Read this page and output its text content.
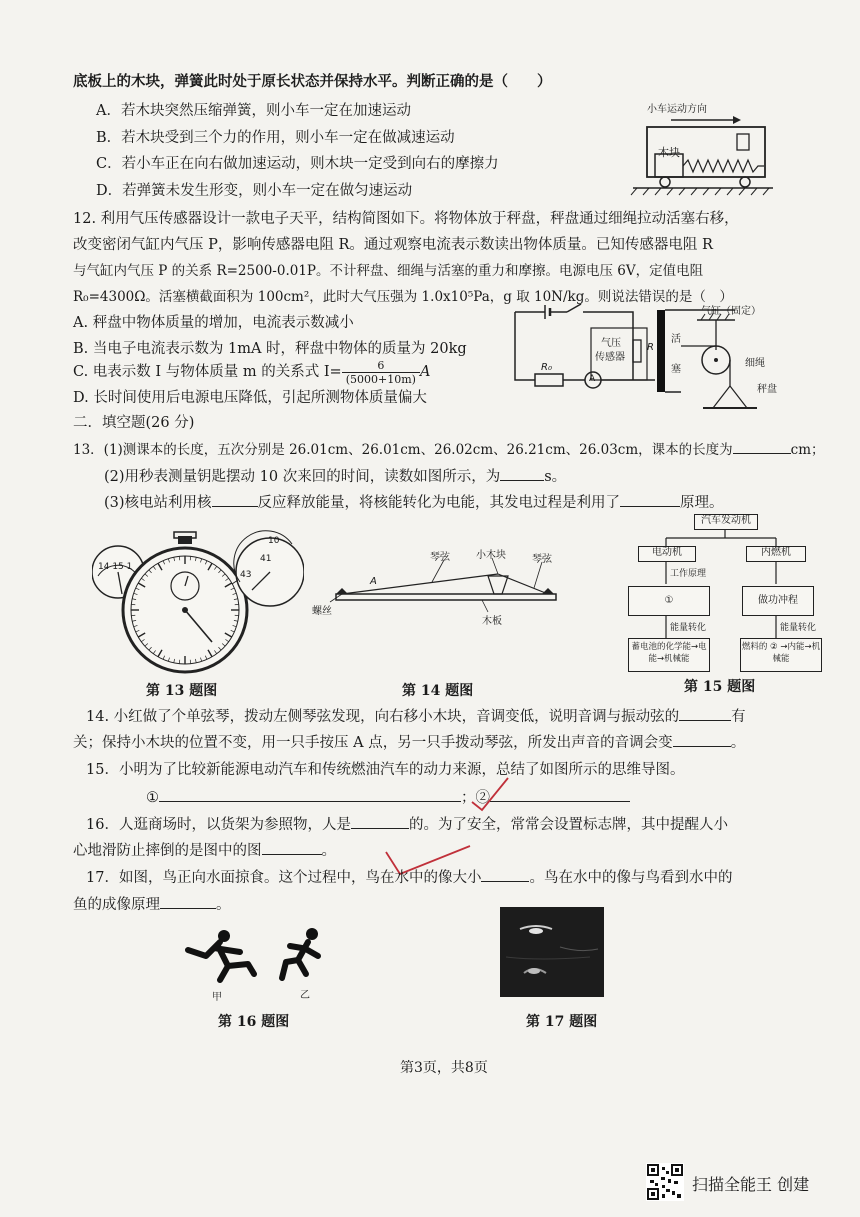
底板上的木块，弹簧此时处于原长状态并保持水平。判断正确的是（　　）
A．若木块突然压缩弹簧，则小车一定在加速运动
B．若木块受到三个力的作用，则小车一定在做减速运动
C．若小车正在向右做加速运动，则木块一定受到向右的摩擦力
D．若弹簧未发生形变，则小车一定在做匀速运动
小车运动方向
木块
12. 利用气压传感器设计一款电子天平，结构简图如下。将物体放于秤盘，秤盘通过细绳拉动活塞右移，
改变密闭气缸内气压 P，影响传感器电阻 R。通过观察电流表示数读出物体质量。已知传感器电阻 R
与气缸内气压 P 的关系 R=2500-0.01P。不计秤盘、细绳与活塞的重力和摩擦。电源电压 6V，定值电阻
R₀=4300Ω。活塞横截面积为 100cm²，此时大气压强为 1.0x10⁵Pa，g 取 10N/kg。则说法错误的是（　）
A. 秤盘中物体质量的增加，电流表示数减小
B. 当电子电流表示数为 1mA 时，秤盘中物体的质量为 20kg
C. 电表示数 I 与物体质量 m 的关系式 $I= \frac{6}{(5000+10m)}$ A
D. 长时间使用后电源电压降低，引起所测物体质量偏大
气缸（固定）
气压
传感器
R
活
塞
细绳
秤盘
R₀
A
二．填空题(26 分)
13．(1)测课本的长度，五次分别是 26.01cm、26.01cm、26.02cm、26.21cm、26.03cm，课本的长度为	cm；
(2)用秒表测量钥匙摆动 10 次来回的时间，读数如图所示，为	s。
(3)核电站利用核	反应释放能量，将核能转化为电能，其发电过程是利用了	原理。
14 15 1
10
41
43
第 13 题图
琴弦	小木块	琴弦
螺丝
A
木板
第 14 题图
汽车发动机
电动机	内燃机
工作原理
①	做功冲程
能量转化	能量转化
蓄电池的化学能→电能→机械能
燃料的 ② →内能→机械能
第 15 题图
14. 小红做了个单弦琴，拨动左侧琴弦发现，向右移小木块，音调变低，说明音调与振动弦的	有
关；保持小木块的位置不变，用一只手按压 A 点，另一只手拨动琴弦，所发出声音的音调会变	。
15．小明为了比较新能源电动汽车和传统燃油汽车的动力来源，总结了如图所示的思维导图。
①	；②
16．人逛商场时，以货架为参照物，人是	的。为了安全，常常会设置标志牌，其中提醒人小
心地滑防止摔倒的是图中的图	。
17．如图，鸟正向水面掠食。这个过程中，鸟在水中的像大小	。鸟在水中的像与鸟看到水中的
鱼的成像原理	。
甲	乙
第 16 题图	第 17 题图
第3页，共8页
扫描全能王 创建
